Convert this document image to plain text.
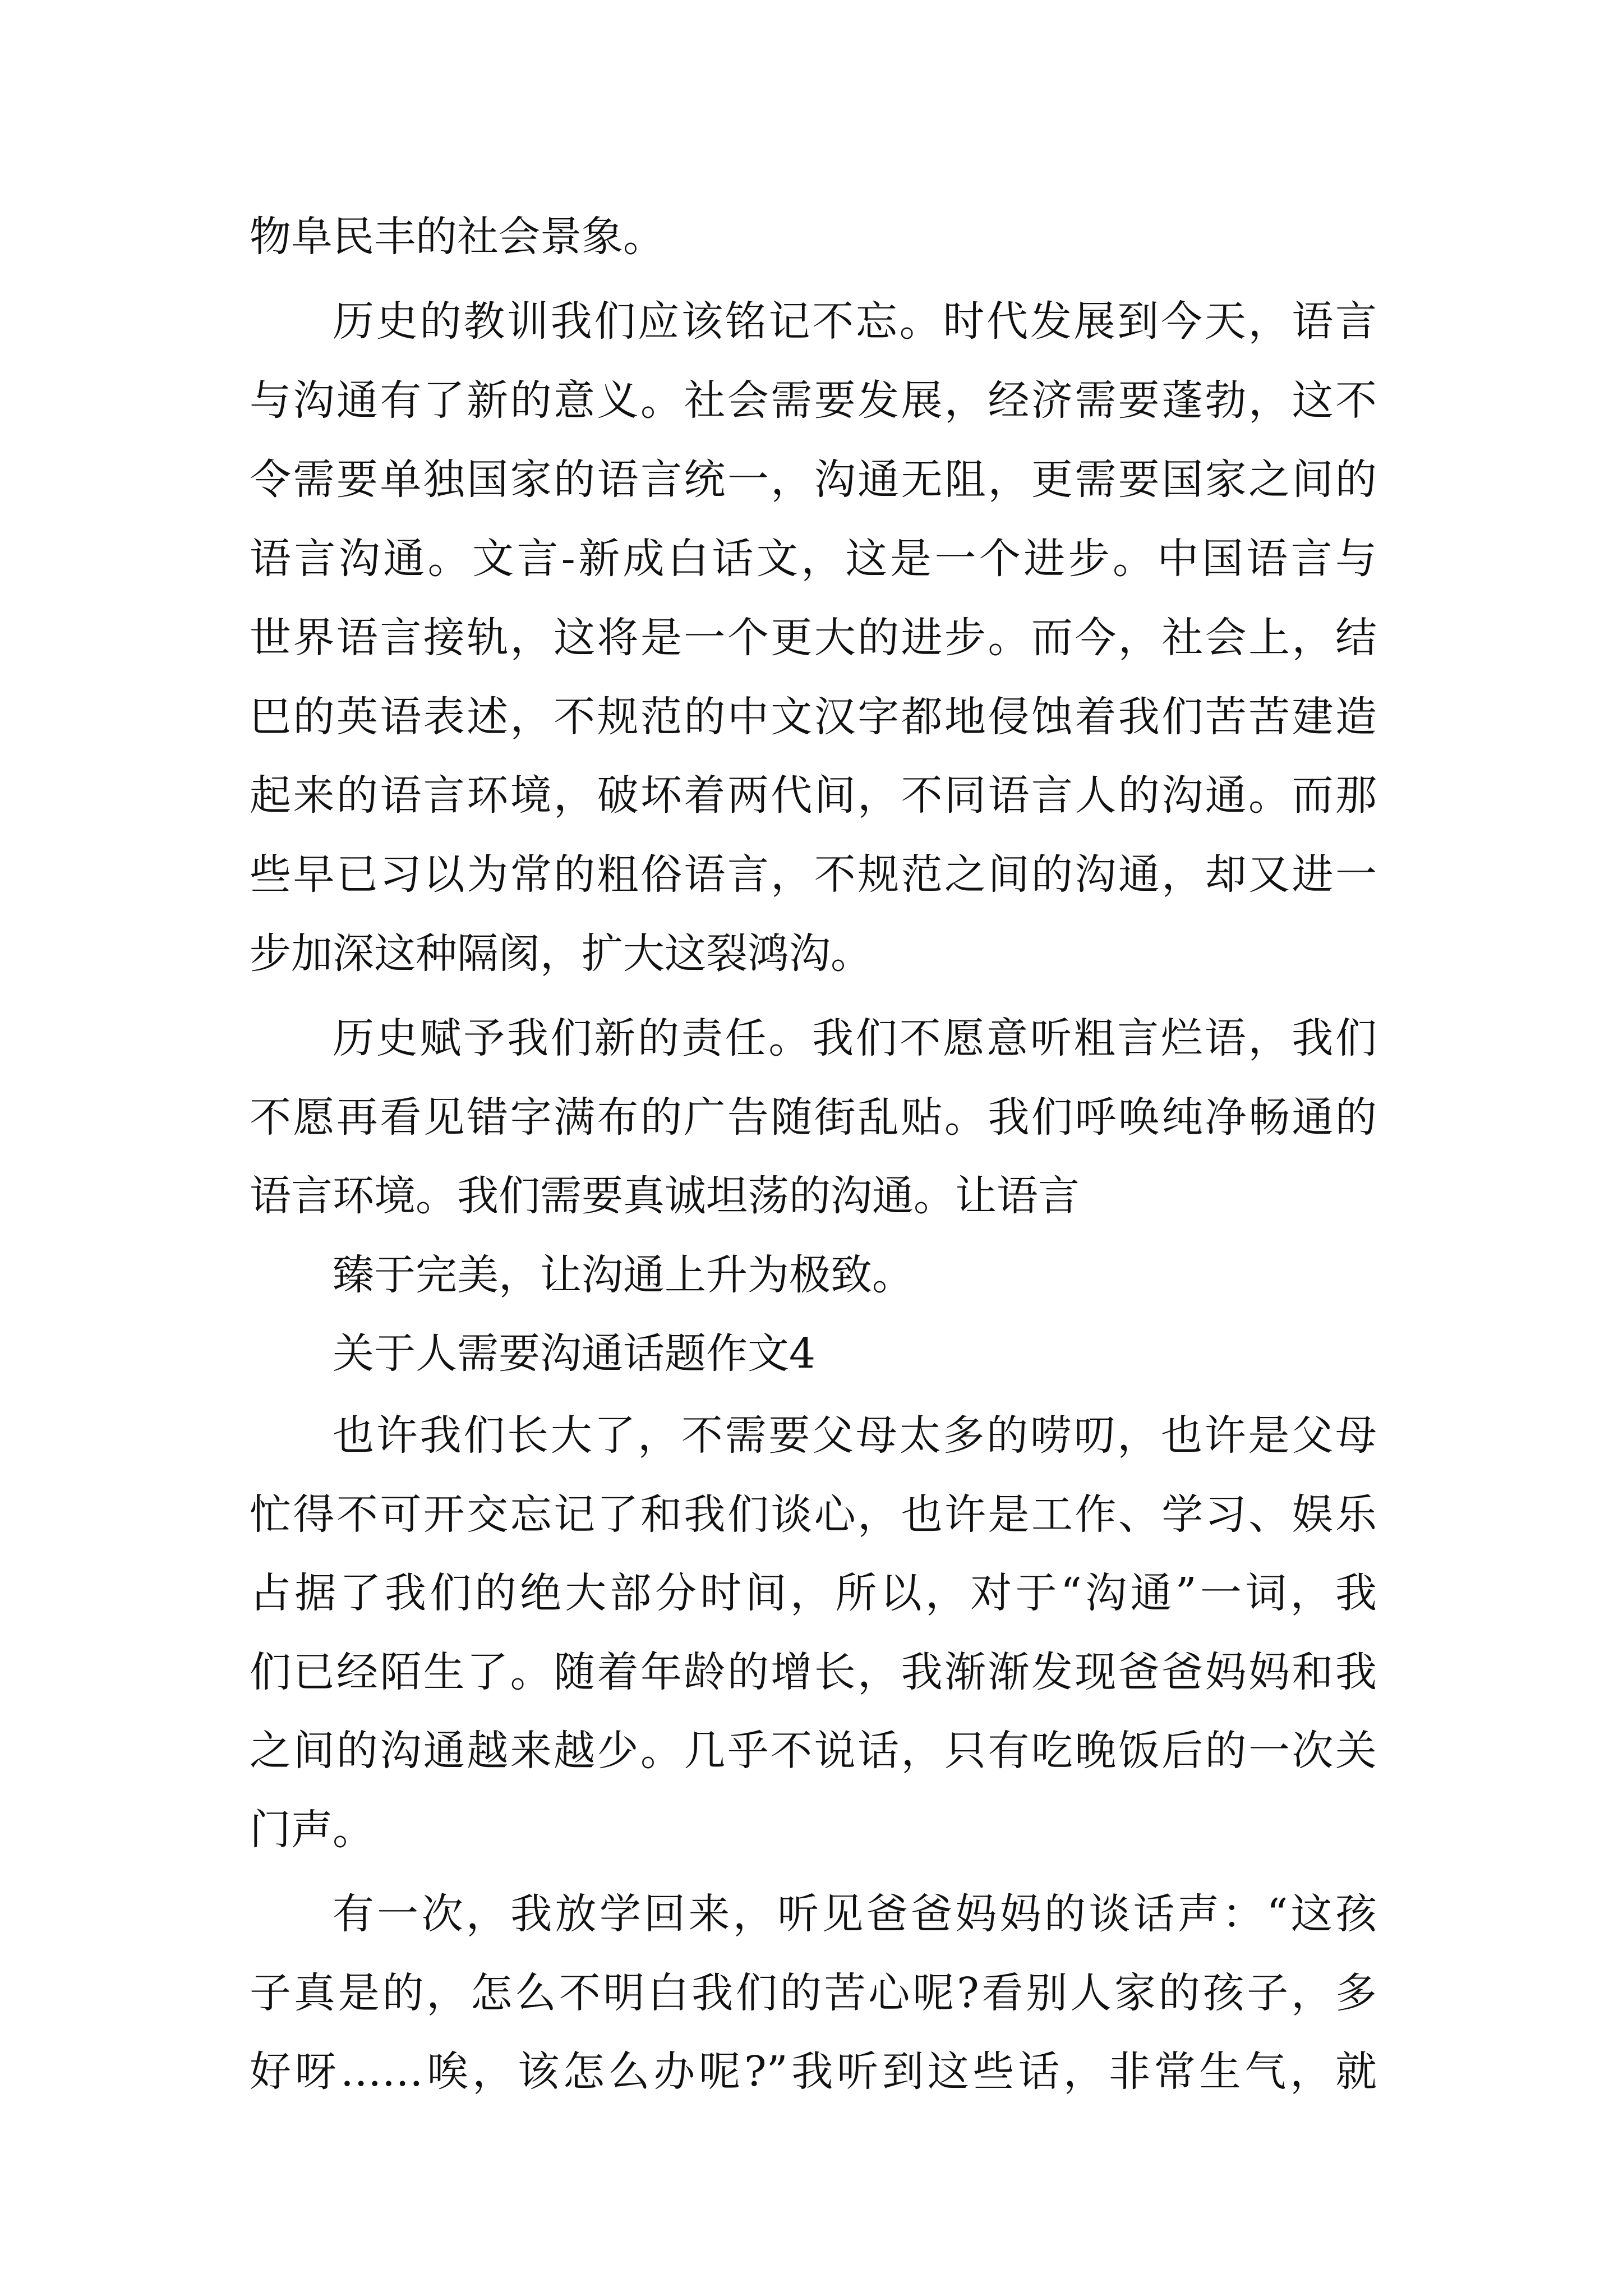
物阜民丰的社会景象。
历史的教训我们应该铭记不忘。时代发展到今天，语言
与沟通有了新的意义。社会需要发展，经济需要蓬勃，这不
令需要单独国家的语言统一，沟通无阻，更需要国家之间的
语言沟通。文言-新成白话文，这是一个进步。中国语言与
世界语言接轨，这将是一个更大的进步。而今，社会上，结
巴的英语表述，不规范的中文汉字都地侵蚀着我们苦苦建造
起来的语言环境，破坏着两代间，不同语言人的沟通。而那
些早已习以为常的粗俗语言，不规范之间的沟通，却又进一
步加深这种隔阂，扩大这裂鸿沟。
历史赋予我们新的责任。我们不愿意听粗言烂语，我们
不愿再看见错字满布的广告随街乱贴。我们呼唤纯净畅通的
语言环境。我们需要真诚坦荡的沟通。让语言
臻于完美，让沟通上升为极致。
关于人需要沟通话题作文4
也许我们长大了，不需要父母太多的唠叨，也许是父母
忙得不可开交忘记了和我们谈心，也许是工作、学习、娱乐
占据了我们的绝大部分时间，所以，对于“沟通”一词，我
们已经陌生了。随着年龄的增长，我渐渐发现爸爸妈妈和我
之间的沟通越来越少。几乎不说话，只有吃晚饭后的一次关
门声。
有一次，我放学回来，听见爸爸妈妈的谈话声：“这孩
子真是的，怎么不明白我们的苦心呢?看别人家的孩子，多
好呀……唉，该怎么办呢?”我听到这些话，非常生气，就
